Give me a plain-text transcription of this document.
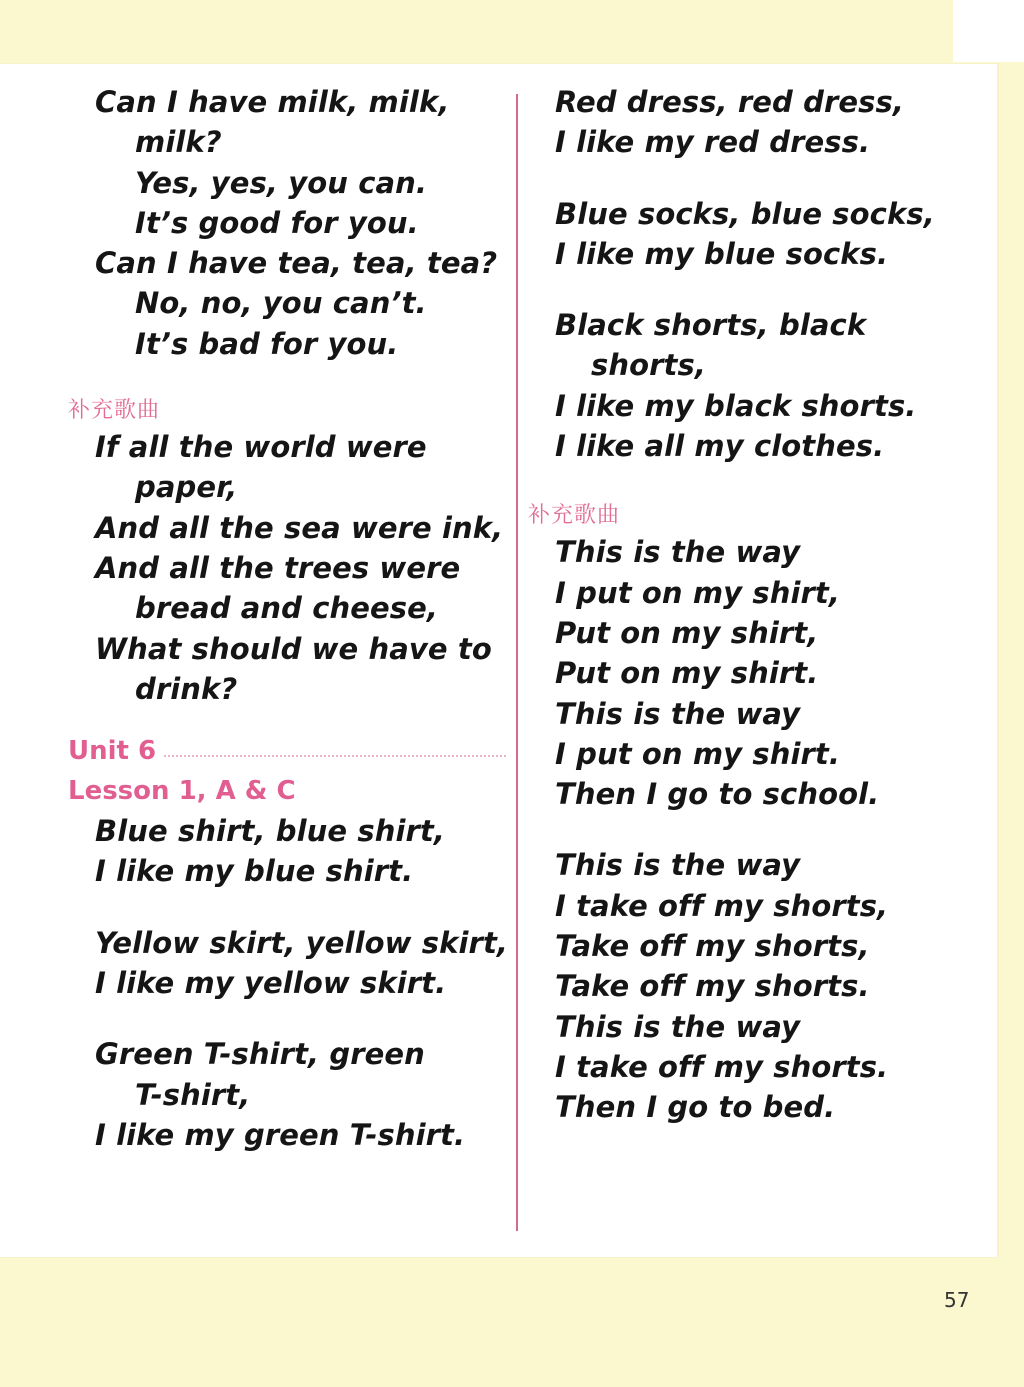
Can I have milk, milk,
milk?
Yes, yes, you can.
It’s good for you.
Can I have tea, tea, tea?
No, no, you can’t.
It’s bad for you.
补充歌曲
If all the world were
paper,
And all the sea were ink,
And all the trees were
bread and cheese,
What should we have to
drink?
Unit 6
Lesson 1, A & C
Blue shirt, blue shirt,
I like my blue shirt.
Yellow skirt, yellow skirt,
I like my yellow skirt.
Green T-shirt, green
T-shirt,
I like my green T-shirt.
Red dress, red dress,
I like my red dress.
Blue socks, blue socks,
I like my blue socks.
Black shorts, black
shorts,
I like my black shorts.
I like all my clothes.
补充歌曲
This is the way
I put on my shirt,
Put on my shirt,
Put on my shirt.
This is the way
I put on my shirt.
Then I go to school.
This is the way
I take off my shorts,
Take off my shorts,
Take off my shorts.
This is the way
I take off my shorts.
Then I go to bed.
57
